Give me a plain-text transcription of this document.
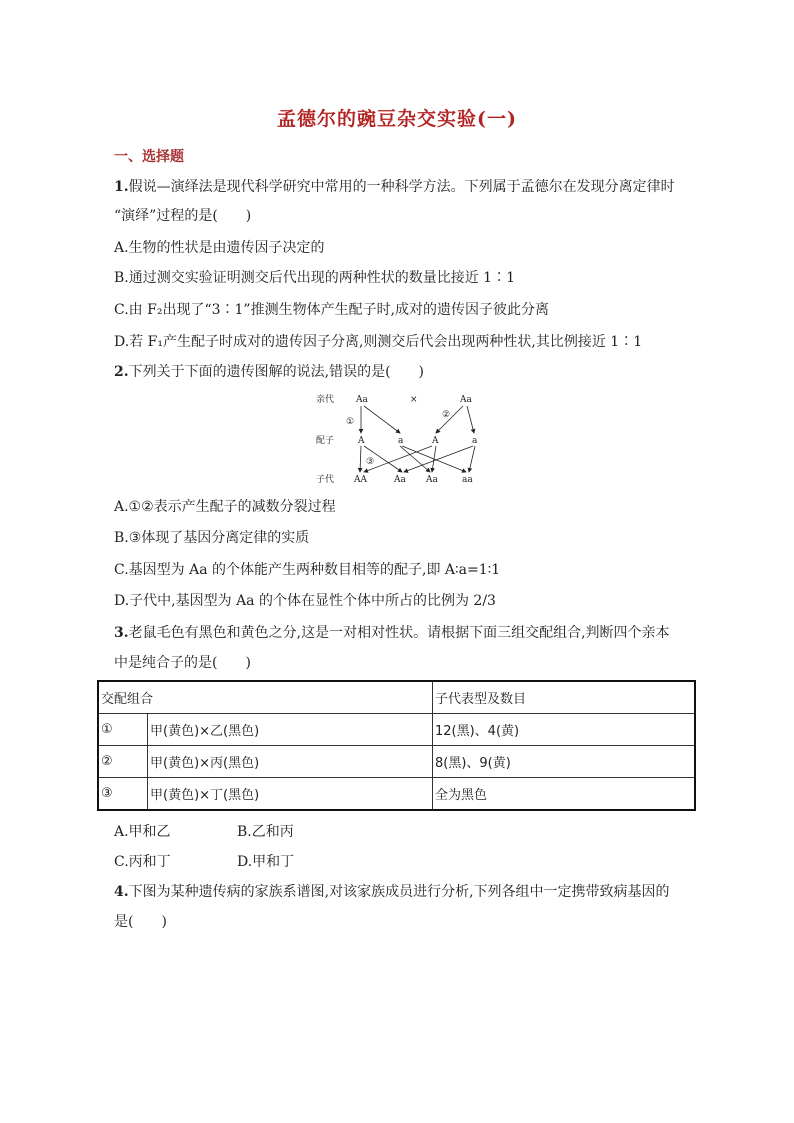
孟德尔的豌豆杂交实验(一)
一、选择题
1.假说—演绎法是现代科学研究中常用的一种科学方法。下列属于孟德尔在发现分离定律时
“演绎”过程的是(　　)
A.生物的性状是由遗传因子决定的
B.通过测交实验证明测交后代出现的两种性状的数量比接近 1∶1
C.由 F₂出现了“3∶1”推测生物体产生配子时,成对的遗传因子彼此分离
D.若 F₁产生配子时成对的遗传因子分离,则测交后代会出现两种性状,其比例接近 1∶1
2.下列关于下面的遗传图解的说法,错误的是(　　)
亲代
配子
子代
Aa	×	Aa
A	a	A	a
AA	Aa Aa	aa
①
②
③
A.①②表示产生配子的减数分裂过程
B.③体现了基因分离定律的实质
C.基因型为 Aa 的个体能产生两种数目相等的配子,即 A∶a=1∶1
D.子代中,基因型为 Aa 的个体在显性个体中所占的比例为 2/3
3.老鼠毛色有黑色和黄色之分,这是一对相对性状。请根据下面三组交配组合,判断四个亲本
中是纯合子的是(　　)
交配组合		子代表型及数目
①	甲(黄色)×乙(黑色)	12(黑)、4(黄)
②	甲(黄色)×丙(黑色)	8(黑)、9(黄)
③	甲(黄色)×丁(黑色)	全为黑色
A.甲和乙	B.乙和丙
C.丙和丁	D.甲和丁
4.下图为某种遗传病的家族系谱图,对该家族成员进行分析,下列各组中一定携带致病基因的
是(　　)
